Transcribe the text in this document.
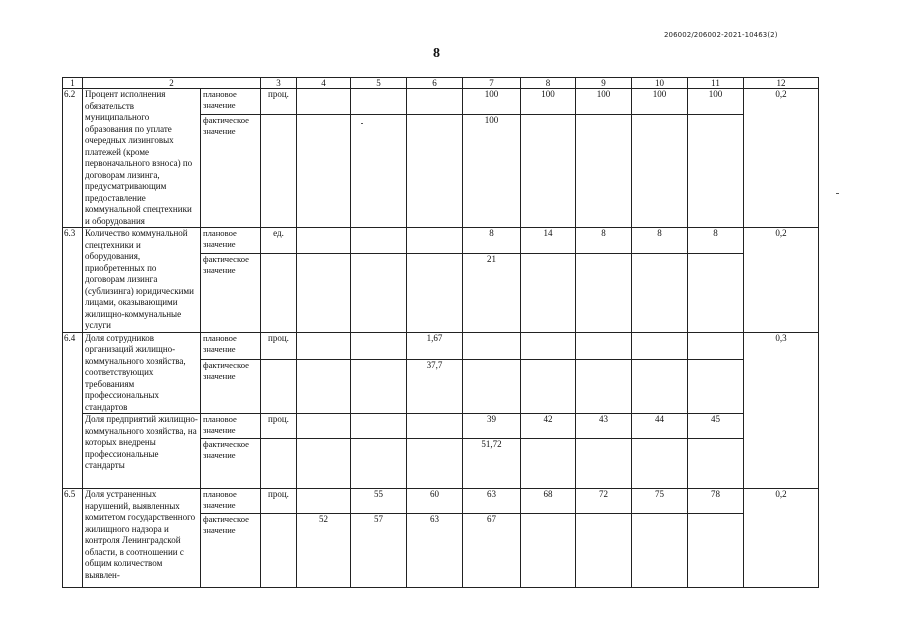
206002/206002-2021-10463(2)
8
1	2		3	4	5	6	7	8	9	10	11	12
6.2	Процент исполнения обязательств муниципального образования по уплате очередных лизинговых платежей (кроме первоначального взноса) по договорам лизинга, предусматривающим предоставление коммунальной спецтехники и оборудования	плановое значение	проц.				100	100	100	100	100	0,2
		фактическое значение					100					
6.3	Количество коммунальной спецтехники и оборудования, приобретенных по договорам лизинга (сублизинга) юридическими лицами, оказывающими жилищно-коммунальные услуги	плановое значение	ед.				8	14	8	8	8	0,2
		фактическое значение					21					
6.4	Доля сотрудников организаций жилищно-коммунального хозяйства, соответствующих требованиям профессиональных стандартов	плановое значение	проц.			1,67						0,3
		фактическое значение				37,7						
	Доля предприятий жилищно-коммунального хозяйства, на которых внедрены профессиональные стандарты	плановое значение	проц.				39	42	43	44	45	
		фактическое значение					51,72					
6.5	Доля устраненных нарушений, выявленных комитетом государственного жилищного надзора и контроля Ленинградской области, в соотношении с общим количеством выявлен-	плановое значение	проц.		55	60	63	68	72	75	78	0,2
		фактическое значение		52	57	63	67					
